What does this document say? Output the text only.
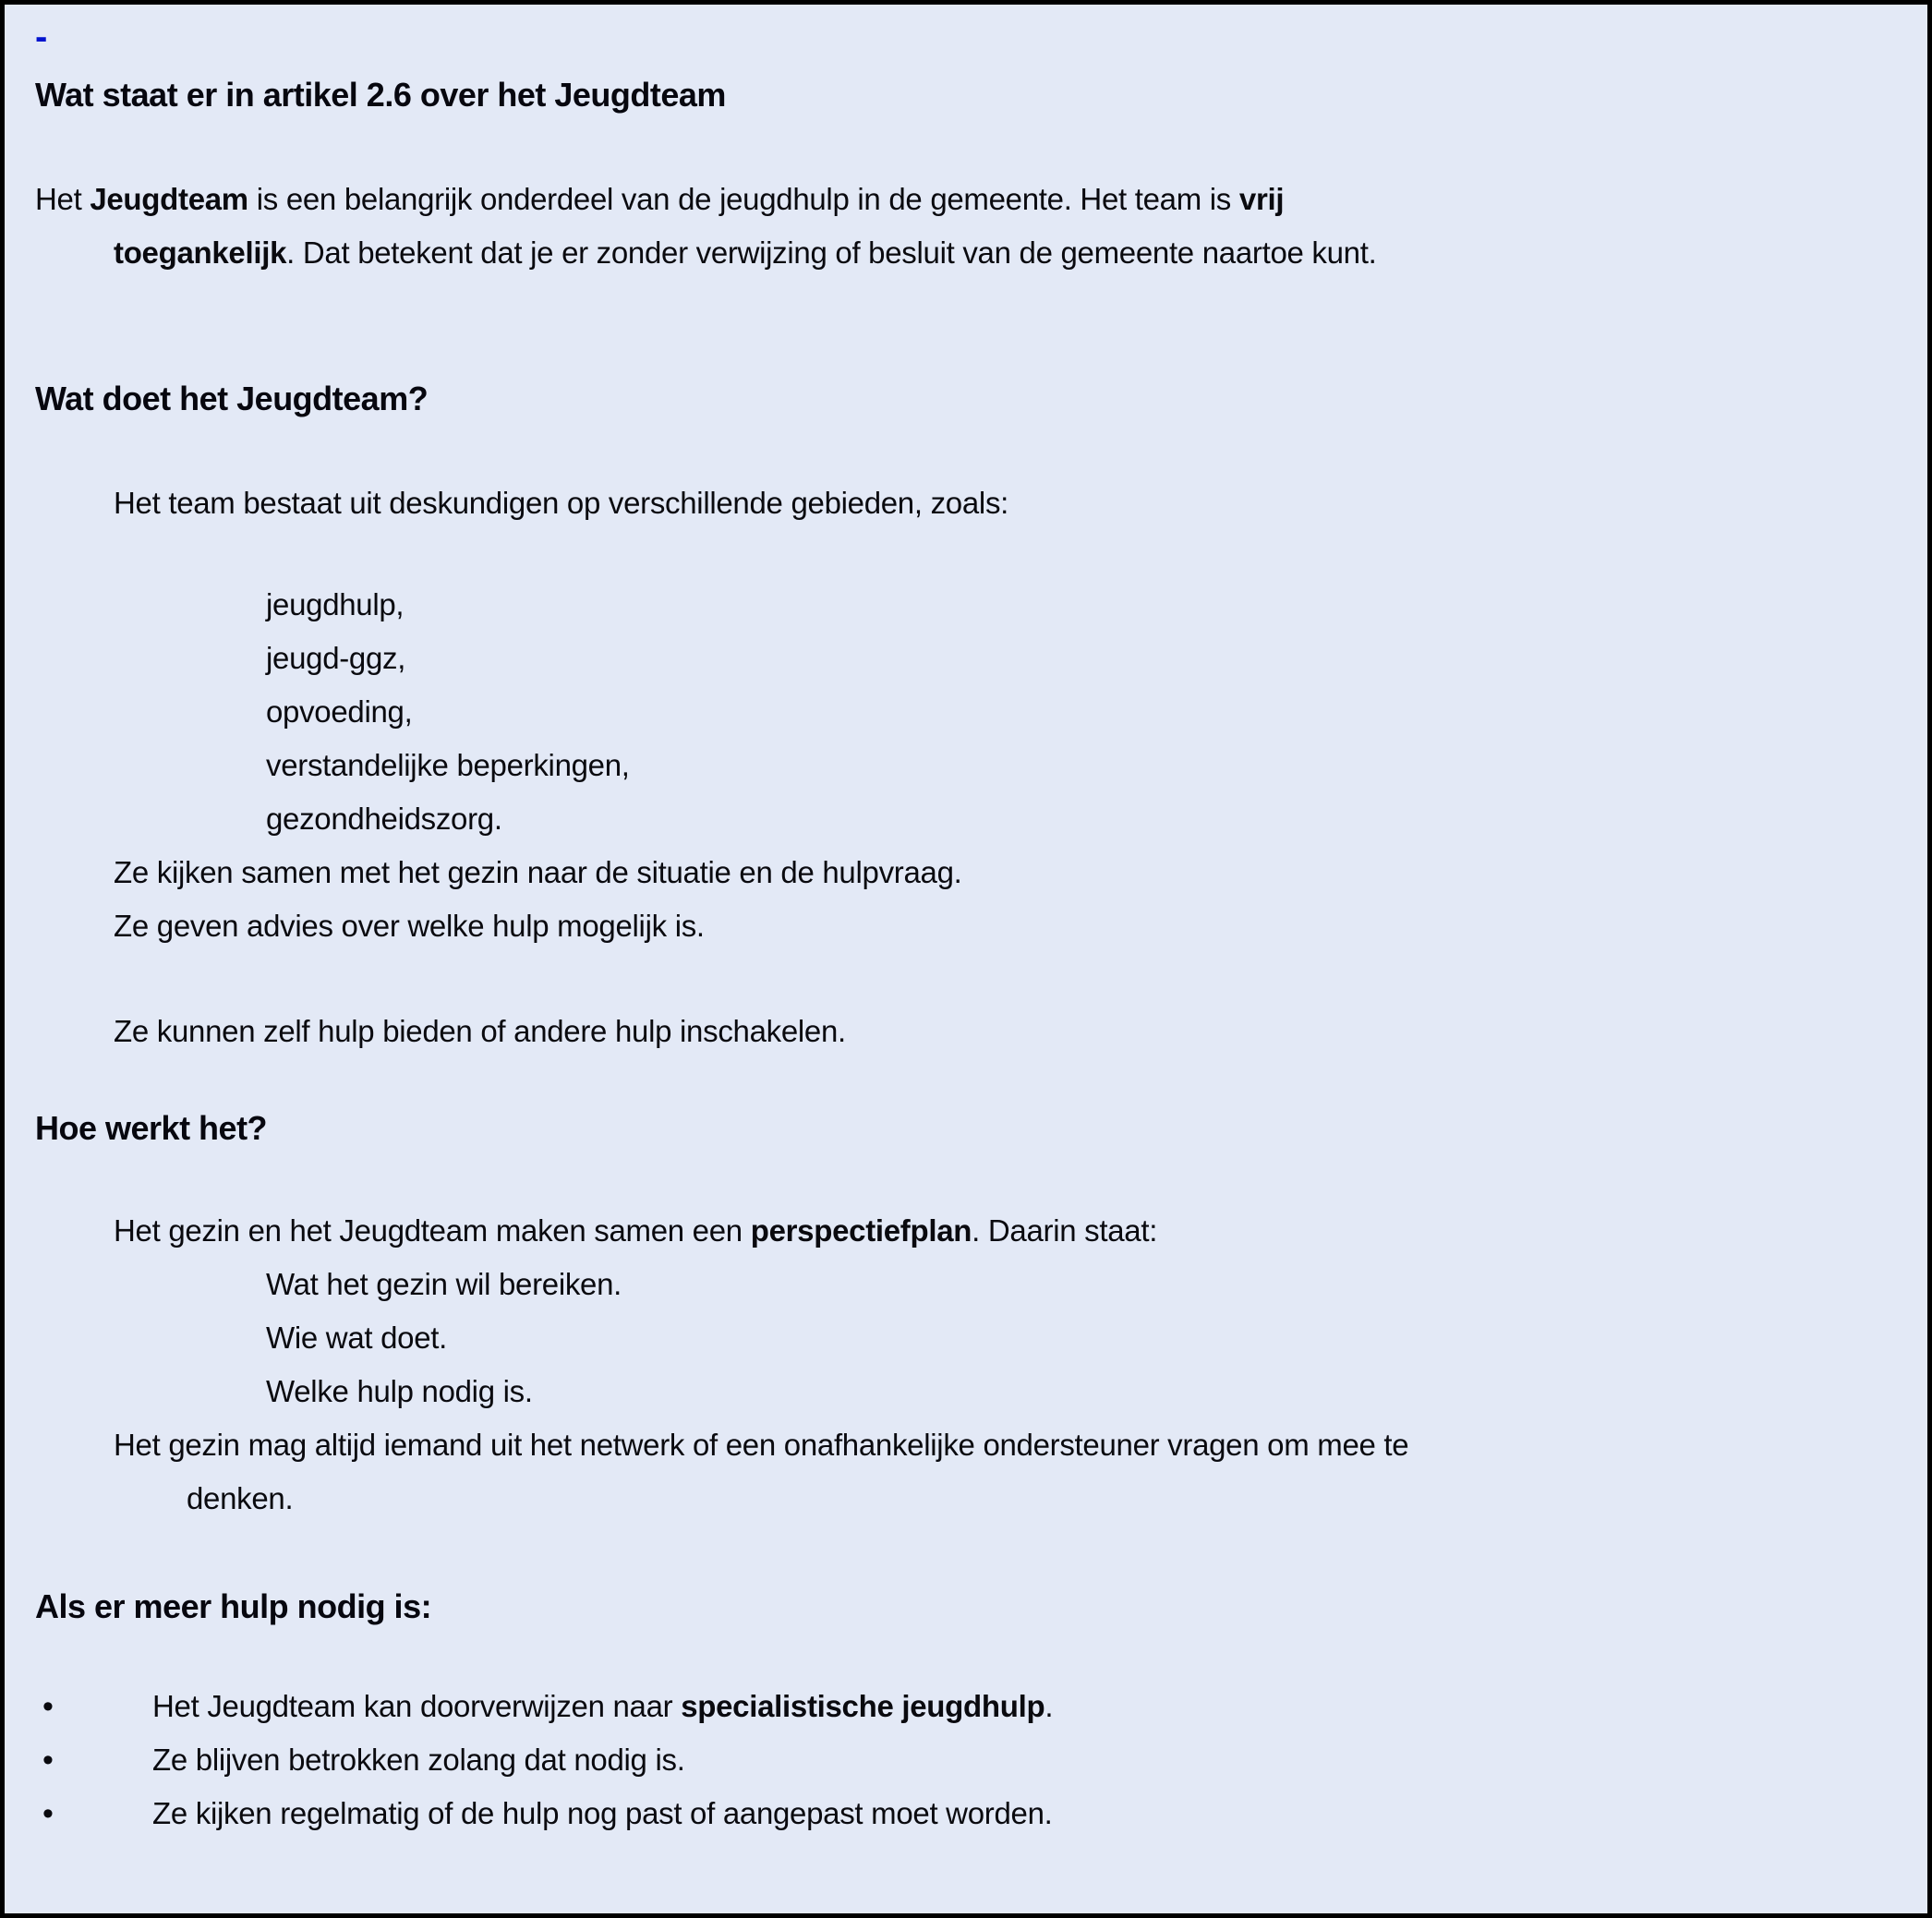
-
Wat staat er in artikel 2.6 over het Jeugdteam

Het Jeugdteam is een belangrijk onderdeel van de jeugdhulp in de gemeente. Het team is vrij
toegankelijk. Dat betekent dat je er zonder verwijzing of besluit van de gemeente naartoe kunt.

Wat doet het Jeugdteam?

Het team bestaat uit deskundigen op verschillende gebieden, zoals:

jeugdhulp,
jeugd-ggz,
opvoeding,
verstandelijke beperkingen,
gezondheidszorg.

Ze kijken samen met het gezin naar de situatie en de hulpvraag.

Ze geven advies over welke hulp mogelijk is.

Ze kunnen zelf hulp bieden of andere hulp inschakelen.

Hoe werkt het?

Het gezin en het Jeugdteam maken samen een perspectiefplan. Daarin staat:

Wat het gezin wil bereiken.
Wie wat doet.
Welke hulp nodig is.

Het gezin mag altijd iemand uit het netwerk of een onafhankelijke ondersteuner vragen om mee te
denken.

Als er meer hulp nodig is:
•	Het Jeugdteam kan doorverwijzen naar specialistische jeugdhulp.
•	Ze blijven betrokken zolang dat nodig is.
•	Ze kijken regelmatig of de hulp nog past of aangepast moet worden.
